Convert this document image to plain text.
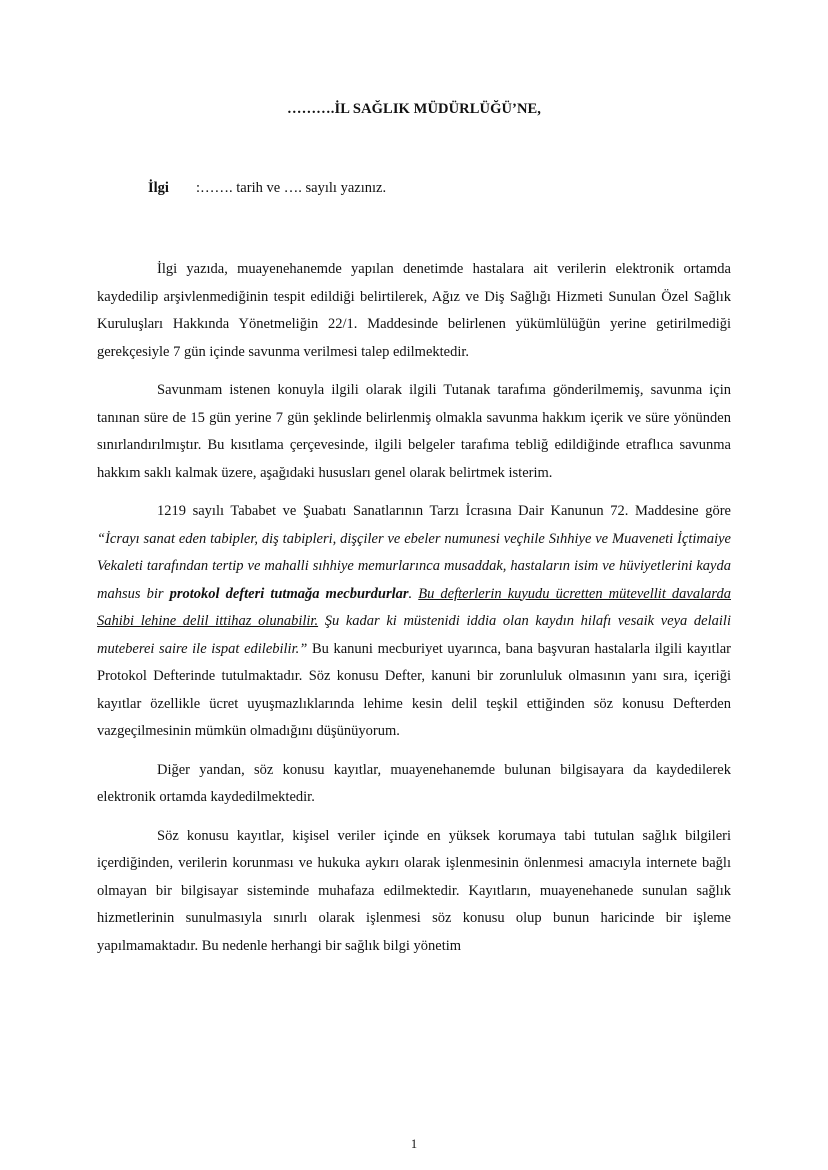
……….İL SAĞLIK MÜDÜRLÜĞÜ’NE,
İlgi :……. tarih ve …. sayılı yazınız.

İlgi yazıda, muayenehanemde yapılan denetimde hastalara ait verilerin elektronik ortamda kaydedilip arşivlenmediğinin tespit edildiği belirtilerek, Ağız ve Diş Sağlığı Hizmeti Sunulan Özel Sağlık Kuruluşları Hakkında Yönetmeliğin 22/1. Maddesinde belirlenen yükümlülüğün yerine getirilmediği gerekçesiyle 7 gün içinde savunma verilmesi talep edilmektedir.

Savunmam istenen konuyla ilgili olarak ilgili Tutanak tarafıma gönderilmemiş, savunma için tanınan süre de 15 gün yerine 7 gün şeklinde belirlenmiş olmakla savunma hakkım içerik ve süre yönünden sınırlandırılmıştır. Bu kısıtlama çerçevesinde, ilgili belgeler tarafıma tebliğ edildiğinde etraflıca savunma hakkım saklı kalmak üzere, aşağıdaki hususları genel olarak belirtmek isterim.

1219 sayılı Tababet ve Şuabatı Sanatlarının Tarzı İcrasına Dair Kanunun 72. Maddesine göre “İcrayı sanat eden tabipler, diş tabipleri, dişçiler ve ebeler numunesi veçhile Sıhhiye ve Muaveneti İçtimaiye Vekaleti tarafından tertip ve mahalli sıhhiye memurlarınca musaddak, hastaların isim ve hüviyetlerini kayda mahsus bir protokol defteri tutmağa mecburdurlar. Bu defterlerin kuyudu ücretten mütevellit davalarda Sahibi lehine delil ittihaz olunabilir. Şu kadar ki müstenidi iddia olan kaydın hilafı vesaik veya delaili muteberei saire ile ispat edilebilir.” Bu kanuni mecburiyet uyarınca, bana başvuran hastalarla ilgili kayıtlar Protokol Defterinde tutulmaktadır. Söz konusu Defter, kanuni bir zorunluluk olmasının yanı sıra, içeriği kayıtlar özellikle ücret uyuşmazlıklarında lehime kesin delil teşkil ettiğinden söz konusu Defterden vazgeçilmesinin mümkün olmadığını düşünüyorum.

Diğer yandan, söz konusu kayıtlar, muayenehanemde bulunan bilgisayara da kaydedilerek elektronik ortamda kaydedilmektedir.

Söz konusu kayıtlar, kişisel veriler içinde en yüksek korumaya tabi tutulan sağlık bilgileri içerdiğinden, verilerin korunması ve hukuka aykırı olarak işlenmesinin önlenmesi amacıyla internete bağlı olmayan bir bilgisayar sisteminde muhafaza edilmektedir. Kayıtların, muayenehanede sunulan sağlık hizmetlerinin sunulmasıyla sınırlı olarak işlenmesi söz konusu olup bunun haricinde bir işleme yapılmamaktadır. Bu nedenle herhangi bir sağlık bilgi yönetim

1
